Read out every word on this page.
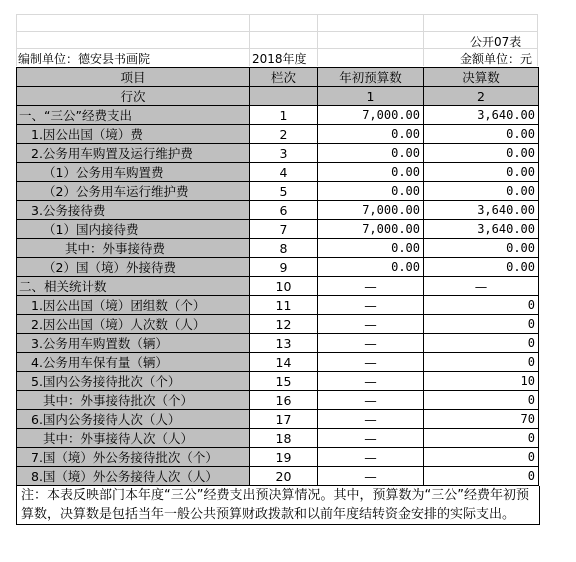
公开07表
编制单位：德安县书画院	2018年度	金额单位：元
项目	栏次	年初预算数	决算数
行次		1	2
一、“三公”经费支出	1	7,000.00	3,640.00
1.因公出国（境）费	2	0.00	0.00
2.公务用车购置及运行维护费	3	0.00	0.00
（1）公务用车购置费	4	0.00	0.00
（2）公务用车运行维护费	5	0.00	0.00
3.公务接待费	6	7,000.00	3,640.00
（1）国内接待费	7	7,000.00	3,640.00
其中：外事接待费	8	0.00	0.00
（2）国（境）外接待费	9	0.00	0.00
二、相关统计数	10	—	—
1.因公出国（境）团组数（个）	11	—	0
2.因公出国（境）人次数（人）	12	—	0
3.公务用车购置数（辆）	13	—	0
4.公务用车保有量（辆）	14	—	0
5.国内公务接待批次（个）	15	—	10
其中：外事接待批次（个）	16	—	0
6.国内公务接待人次（人）	17	—	70
其中：外事接待人次（人）	18	—	0
7.国（境）外公务接待批次（个）	19	—	0
8.国（境）外公务接待人次（人）	20	—	0
注：本表反映部门本年度“三公”经费支出预决算情况。其中，预算数为“三公”经费年初预算数，决算数是包括当年一般公共预算财政拨款和以前年度结转资金安排的实际支出。
